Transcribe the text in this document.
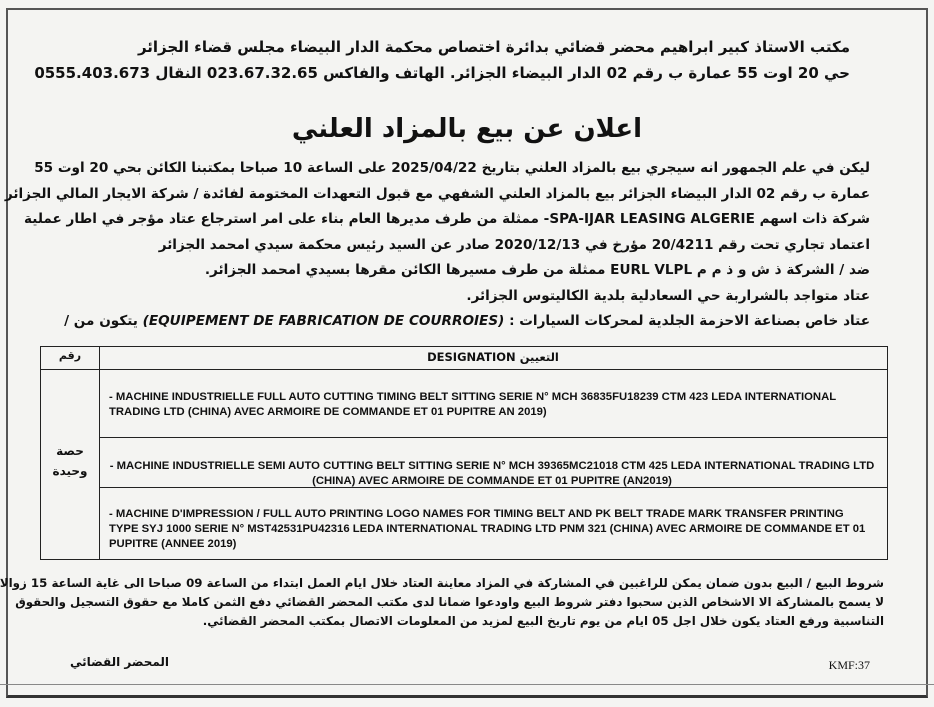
مكتب الاستاذ كبير ابراهيم محضر قضائي بدائرة اختصاص محكمة الدار البيضاء مجلس قضاء الجزائر
حي 20 اوت 55 عمارة ب رقم 02 الدار البيضاء الجزائر. الهاتف والفاكس 023.67.32.65 النقال 0555.403.673
اعلان عن بيع بالمزاد العلني

ليكن في علم الجمهور انه سيجري بيع بالمزاد العلني بتاريخ 2025/04/22 على الساعة 10 صباحا بمكتبنا الكائن بحي 20 اوت 55

عمارة ب رقم 02 الدار البيضاء الجزائر بيع بالمزاد العلني الشفهي مع قبول التعهدات المختومة لفائدة / شركة الايجار المالي الجزائر

شركة ذات اسهم SPA-IJAR LEASING ALGERIE- ممثلة من طرف مديرها العام بناء على امر استرجاع عتاد مؤجر في اطار عملية

اعتماد تجاري تحت رقم 20/4211 مؤرخ في 2020/12/13 صادر عن السيد رئيس محكمة سيدي امحمد الجزائر

ضد / الشركة ذ ش و ذ م م EURL VLPL ممثلة من طرف مسيرها الكائن مقرها بسيدي امحمد الجزائر.

عتاد متواجد بالشراربة حي السعادلية بلدية الكاليتوس الجزائر.

عتاد خاص بصناعة الاحزمة الجلدية لمحركات السيارات : (EQUIPEMENT DE FABRICATION DE COURROIES) يتكون من /

رقم	DESIGNATION التعيين
حصة
وحيدة
- MACHINE INDUSTRIELLE FULL AUTO CUTTING TIMING BELT SITTING SERIE N° MCH 36835FU18239 CTM 423 LEDA INTERNATIONAL TRADING LTD (CHINA) AVEC ARMOIRE DE COMMANDE ET 01 PUPITRE AN 2019)
- MACHINE INDUSTRIELLE SEMI AUTO CUTTING BELT SITTING SERIE N° MCH 39365MC21018 CTM 425 LEDA INTERNATIONAL TRADING LTD (CHINA) AVEC ARMOIRE DE COMMANDE ET 01 PUPITRE (AN2019)
- MACHINE D'IMPRESSION / FULL AUTO PRINTING LOGO NAMES FOR TIMING BELT AND PK BELT TRADE MARK TRANSFER PRINTING TYPE SYJ 1000 SERIE N° MST42531PU42316 LEDA INTERNATIONAL TRADING LTD PNM 321 (CHINA) AVEC ARMOIRE DE COMMANDE ET 01 PUPITRE (ANNEE 2019)

شروط البيع / البيع بدون ضمان يمكن للراغبين في المشاركة في المزاد معاينة العتاد خلال ايام العمل ابتداء من الساعة 09 صباحا الى غاية الساعة 15 زوالا

لا يسمح بالمشاركة الا الاشخاص الذين سحبوا دفتر شروط البيع واودعوا ضمانا لدى مكتب المحضر القضائي دفع الثمن كاملا مع حقوق التسجيل والحقوق

التناسبية ورفع العتاد يكون خلال اجل 05 ايام من يوم تاريخ البيع لمزيد من المعلومات الاتصال بمكتب المحضر القضائي.

المحضر القضائي	KMF:37
